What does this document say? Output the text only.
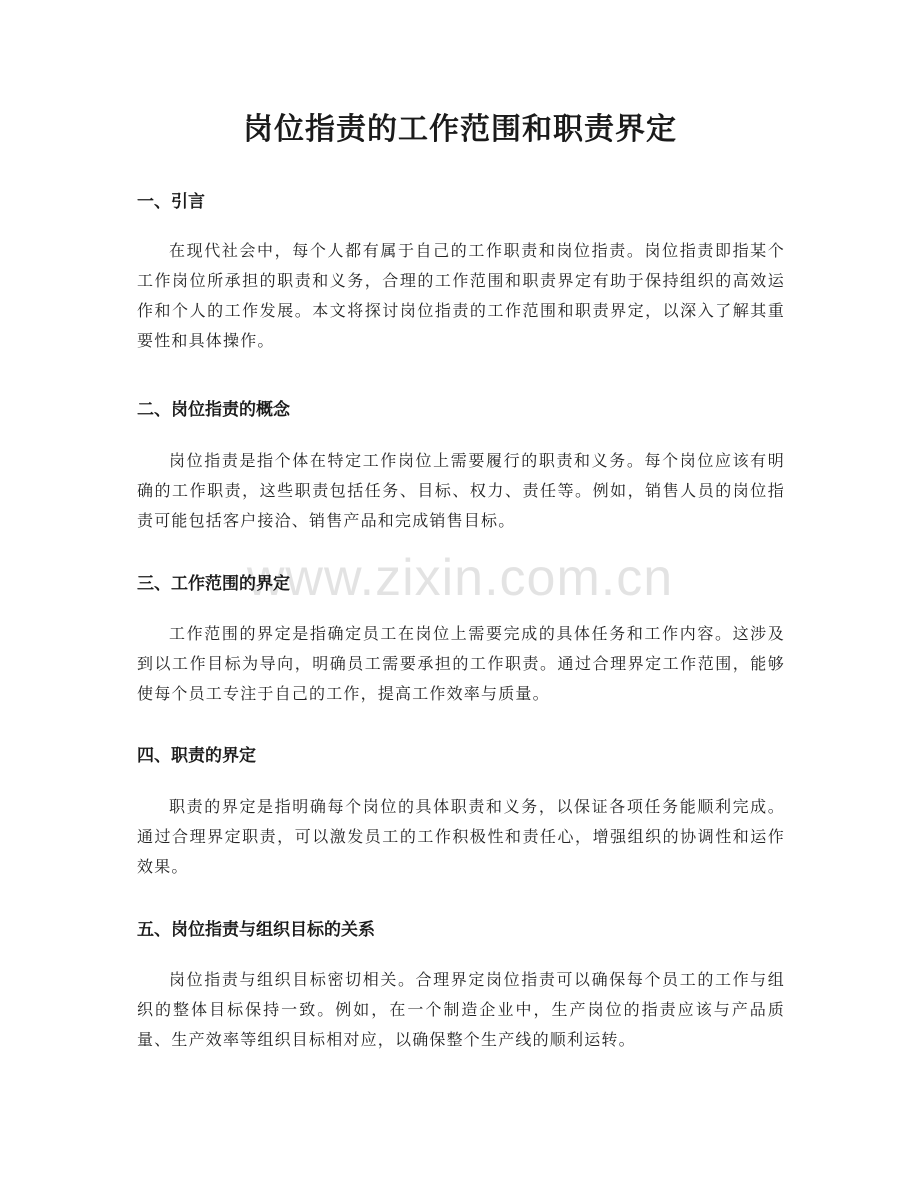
岗位指责的工作范围和职责界定
一、引言

在现代社会中，每个人都有属于自己的工作职责和岗位指责。岗位指责即指某个工作岗位所承担的职责和义务，合理的工作范围和职责界定有助于保持组织的高效运作和个人的工作发展。本文将探讨岗位指责的工作范围和职责界定，以深入了解其重要性和具体操作。

二、岗位指责的概念

岗位指责是指个体在特定工作岗位上需要履行的职责和义务。每个岗位应该有明确的工作职责，这些职责包括任务、目标、权力、责任等。例如，销售人员的岗位指责可能包括客户接洽、销售产品和完成销售目标。

三、工作范围的界定

工作范围的界定是指确定员工在岗位上需要完成的具体任务和工作内容。这涉及到以工作目标为导向，明确员工需要承担的工作职责。通过合理界定工作范围，能够使每个员工专注于自己的工作，提高工作效率与质量。

四、职责的界定

职责的界定是指明确每个岗位的具体职责和义务，以保证各项任务能顺利完成。通过合理界定职责，可以激发员工的工作积极性和责任心，增强组织的协调性和运作效果。

五、岗位指责与组织目标的关系

岗位指责与组织目标密切相关。合理界定岗位指责可以确保每个员工的工作与组织的整体目标保持一致。例如，在一个制造企业中，生产岗位的指责应该与产品质量、生产效率等组织目标相对应，以确保整个生产线的顺利运转。

www.zixin.com.cn
